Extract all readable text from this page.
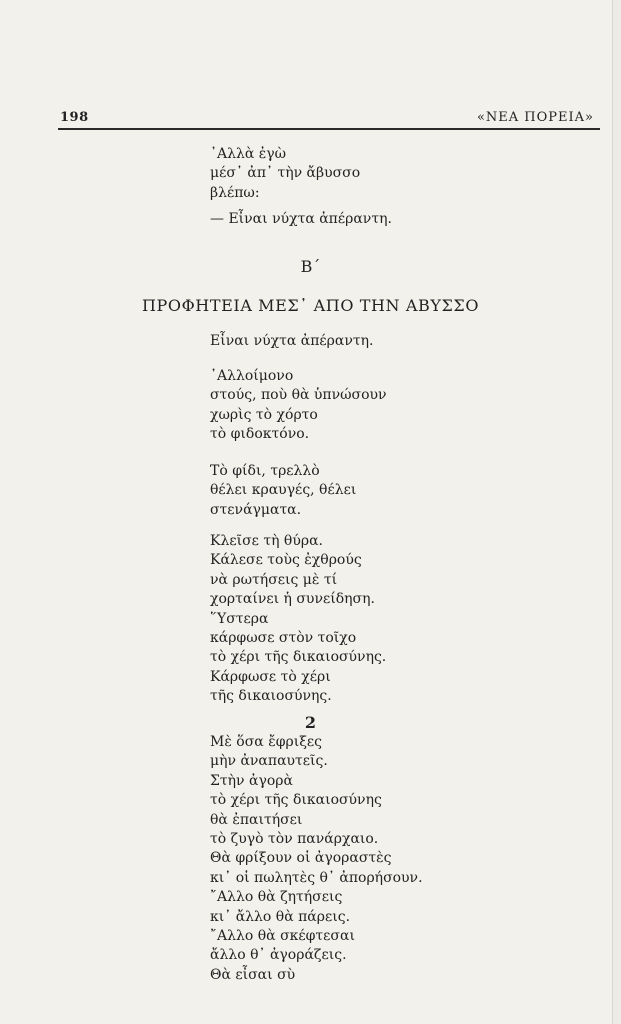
198	«ΝΕΑ ΠΟΡΕΙΑ»
᾿Αλλὰ ἐγὼ
μέσ᾿ ἀπ᾿ τὴν ἄβυσσο
βλέπω:
— Εἶναι νύχτα ἀπέραντη.
Β΄
ΠΡΟΦΗΤΕΙΑ ΜΕΣ᾿ ΑΠΟ ΤΗΝ ΑΒΥΣΣΟ
Εἶναι νύχτα ἀπέραντη.
᾿Αλλοίμονο
στούς, ποὺ θὰ ὑπνώσουν
χωρὶς τὸ χόρτο
τὸ φιδοκτόνο.
Τὸ φίδι, τρελλὸ
θέλει κραυγές, θέλει
στενάγματα.
Κλεῖσε τὴ θύρα.
Κάλεσε τοὺς ἐχθρούς
νὰ ρωτήσεις μὲ τί
χορταίνει ἡ συνείδηση.
῞Υστερα
κάρφωσε στὸν τοῖχο
τὸ χέρι τῆς δικαιοσύνης.
Κάρφωσε τὸ χέρι
τῆς δικαιοσύνης.
2
Μὲ ὅσα ἔφριξες
μὴν ἀναπαυτεῖς.
Στὴν ἀγορὰ
τὸ χέρι τῆς δικαιοσύνης
θὰ ἐπαιτήσει
τὸ ζυγὸ τὸν πανάρχαιο.
Θὰ φρίξουν οἱ ἀγοραστὲς
κι᾿ οἱ πωλητὲς θ᾿ ἀπορήσουν.
῎Αλλο θὰ ζητήσεις
κι᾿ ἄλλο θὰ πάρεις.
῎Αλλο θὰ σκέφτεσαι
ἄλλο θ᾿ ἀγοράζεις.
Θὰ εἶσαι σὺ
